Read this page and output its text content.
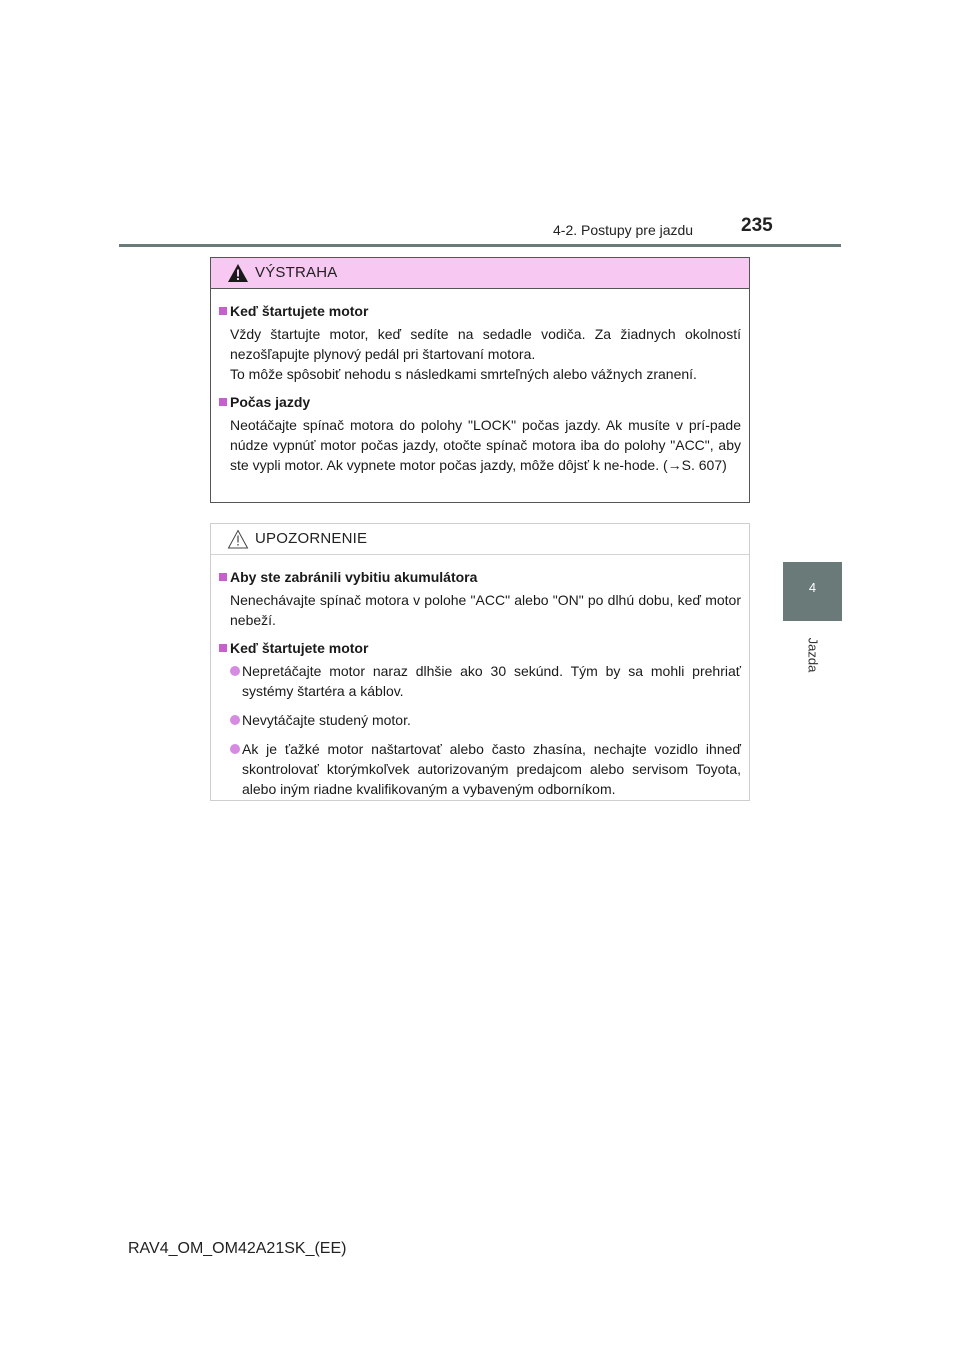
4-2. Postupy pre jazdu	235
4
Jazda
VÝSTRAHA
Keď štartujete motor
Vždy štartujte motor, keď sedíte na sedadle vodiča. Za žiadnych okolností nezošľapujte plynový pedál pri štartovaní motora.
To môže spôsobiť nehodu s následkami smrteľných alebo vážnych zranení.
Počas jazdy
Neotáčajte spínač motora do polohy "LOCK" počas jazdy. Ak musíte v prí-pade núdze vypnúť motor počas jazdy, otočte spínač motora iba do polohy "ACC", aby ste vypli motor. Ak vypnete motor počas jazdy, môže dôjsť k ne-hode. (→S. 607)
UPOZORNENIE
Aby ste zabránili vybitiu akumulátora
Nenechávajte spínač motora v polohe "ACC" alebo "ON" po dlhú dobu, keď motor nebeží.
Keď štartujete motor
Nepretáčajte motor naraz dlhšie ako 30 sekúnd. Tým by sa mohli prehriať systémy štartéra a káblov.
Nevytáčajte studený motor.
Ak je ťažké motor naštartovať alebo často zhasína, nechajte vozidlo ihneď skontrolovať ktorýmkoľvek autorizovaným predajcom alebo servisom Toyota, alebo iným riadne kvalifikovaným a vybaveným odborníkom.
RAV4_OM_OM42A21SK_(EE)
